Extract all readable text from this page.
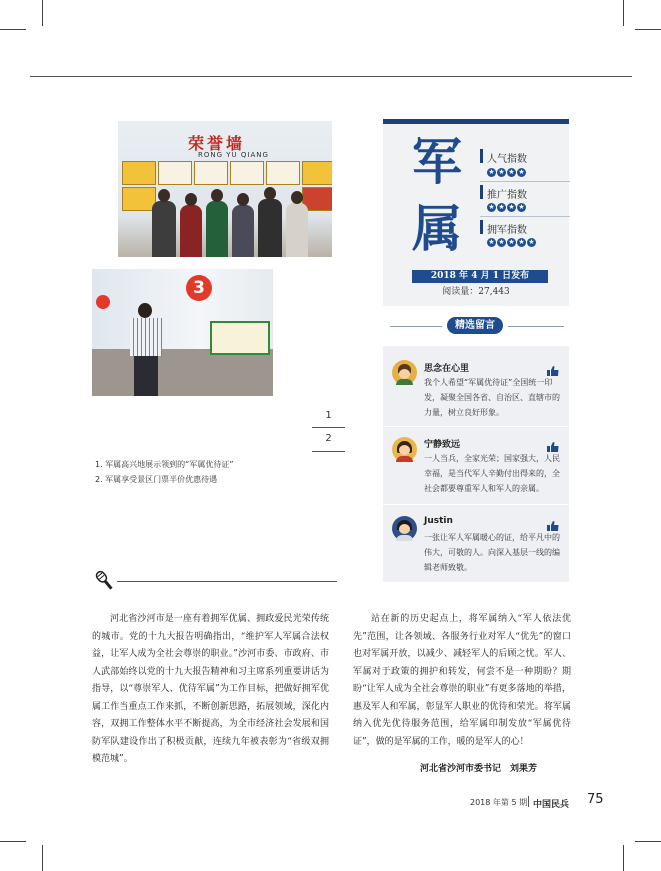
荣誉墙
RONG YU QIANG
3
1
2
1. 军属高兴地展示领到的“军属优待证”
2. 军属享受景区门票半价优惠待遇
军
属
人气指数
★ ★ ★ ★
推广指数
★ ★ ★ ★
拥军指数
★ ★ ★ ★ ★
2018 年 4 月 1 日发布
阅读量：27,443
精选留言
思念在心里
我个人希望“军属优待证”全国统一印发，凝聚全国各省、自治区、直辖市的力量，树立良好形象。
宁静致远
一人当兵，全家光荣；国家强大，人民幸福，是当代军人辛勤付出得来的，全社会都要尊重军人和军人的亲属。
Justin
一张让军人军属暖心的证，给平凡中的伟大，可敬的人。向深入基层一线的编辑老师致敬。
河北省沙河市是一座有着拥军优属、拥政爱民光荣传统的城市。党的十九大报告明确指出，“维护军人军属合法权益，让军人成为全社会尊崇的职业。”沙河市委、市政府、市人武部始终以党的十九大报告精神和习主席系列重要讲话为指导，以“尊崇军人、优待军属”为工作目标，把做好拥军优属工作当重点工作来抓，不断创新思路，拓展领域，深化内容，双拥工作整体水平不断提高，为全市经济社会发展和国防军队建设作出了积极贡献，连续九年被表彰为“省级双拥模范城”。
站在新的历史起点上，将军属纳入“军人依法优先”范围，让各领域、各服务行业对军人“优先”的窗口也对军属开放，以减少、减轻军人的后顾之忧。军人、军属对于政策的拥护和转发，何尝不是一种期盼？期盼“让军人成为全社会尊崇的职业”有更多落地的举措，惠及军人和军属，彰显军人职业的优待和荣光。将军属纳入优先优待服务范围，给军属印制发放“军属优待证”，做的是军属的工作，暖的是军人的心！
河北省沙河市委书记　刘果芳
2018 年第 5 期 中国民兵 75
